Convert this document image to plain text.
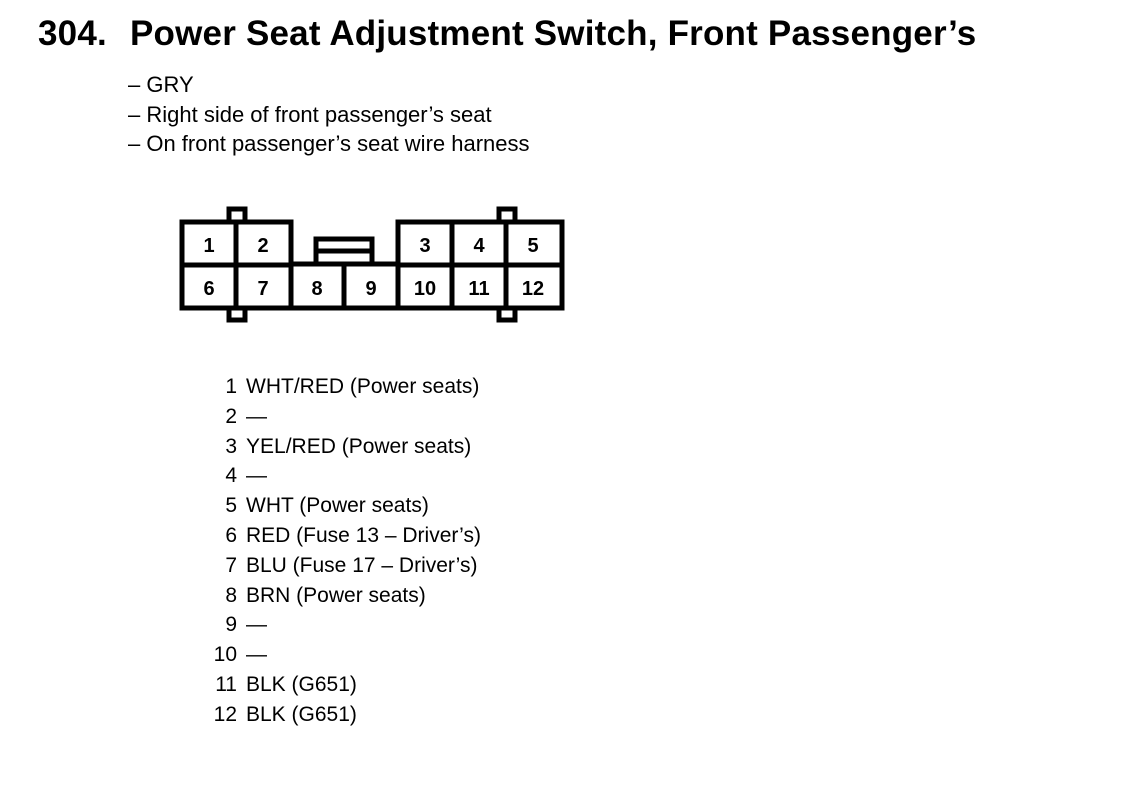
304. Power Seat Adjustment Switch, Front Passenger’s
– GRY
– Right side of front passenger’s seat
– On front passenger’s seat wire harness
1 2	3 4 5
6 7 8 9 10 11 12
1 WHT/RED (Power seats)
2 —
3 YEL/RED (Power seats)
4 —
5 WHT (Power seats)
6 RED (Fuse 13 – Driver’s)
7 BLU (Fuse 17 – Driver’s)
8 BRN (Power seats)
9 —
10 —
11 BLK (G651)
12 BLK (G651)
